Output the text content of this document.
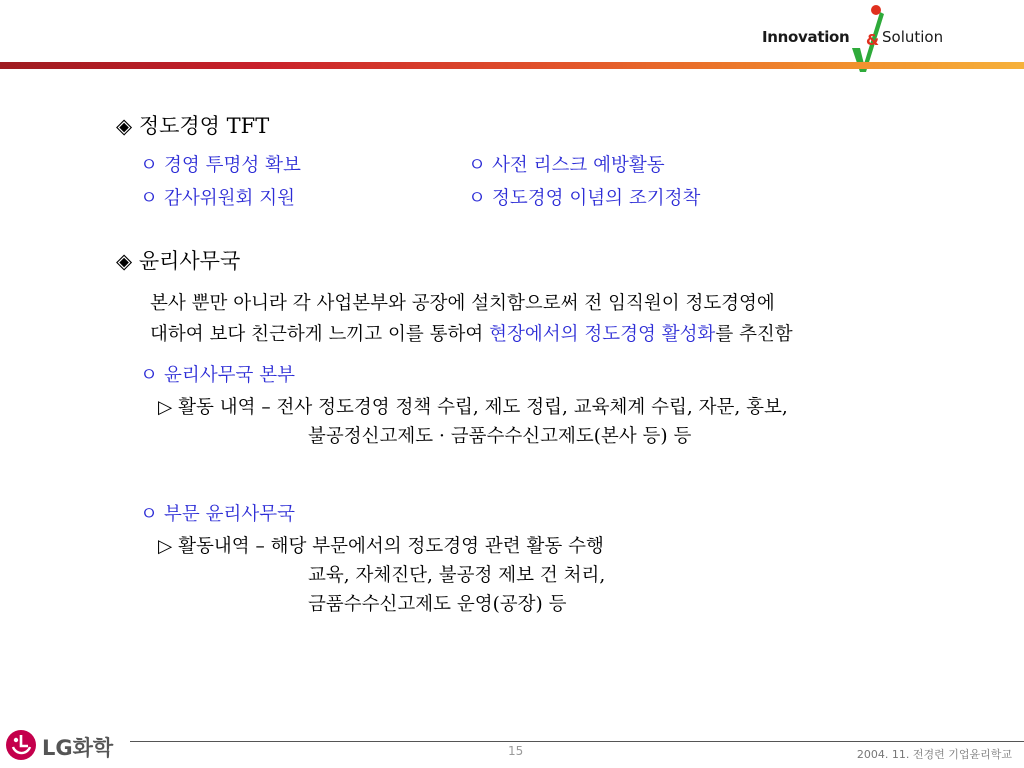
Innovation & Solution
◈ 정도경영 TFT
ㅇ 경영 투명성 확보	ㅇ 사전 리스크 예방활동
ㅇ 감사위원회 지원	ㅇ 정도경영 이념의 조기정착
◈ 윤리사무국
본사 뿐만 아니라 각 사업본부와 공장에 설치함으로써 전 임직원이 정도경영에
대하여 보다 친근하게 느끼고 이를 통하여 현장에서의 정도경영 활성화를 추진함
ㅇ 윤리사무국 본부
▷ 활동 내역 – 전사 정도경영 정책 수립, 제도 정립, 교육체계 수립, 자문, 홍보,
불공정신고제도 · 금품수수신고제도(본사 등) 등
ㅇ 부문 윤리사무국
▷ 활동내역 – 해당 부문에서의 정도경영 관련 활동 수행
교육, 자체진단, 불공정 제보 건 처리,
금품수수신고제도 운영(공장) 등
LG화학	15	2004. 11. 전경련 기업윤리학교
